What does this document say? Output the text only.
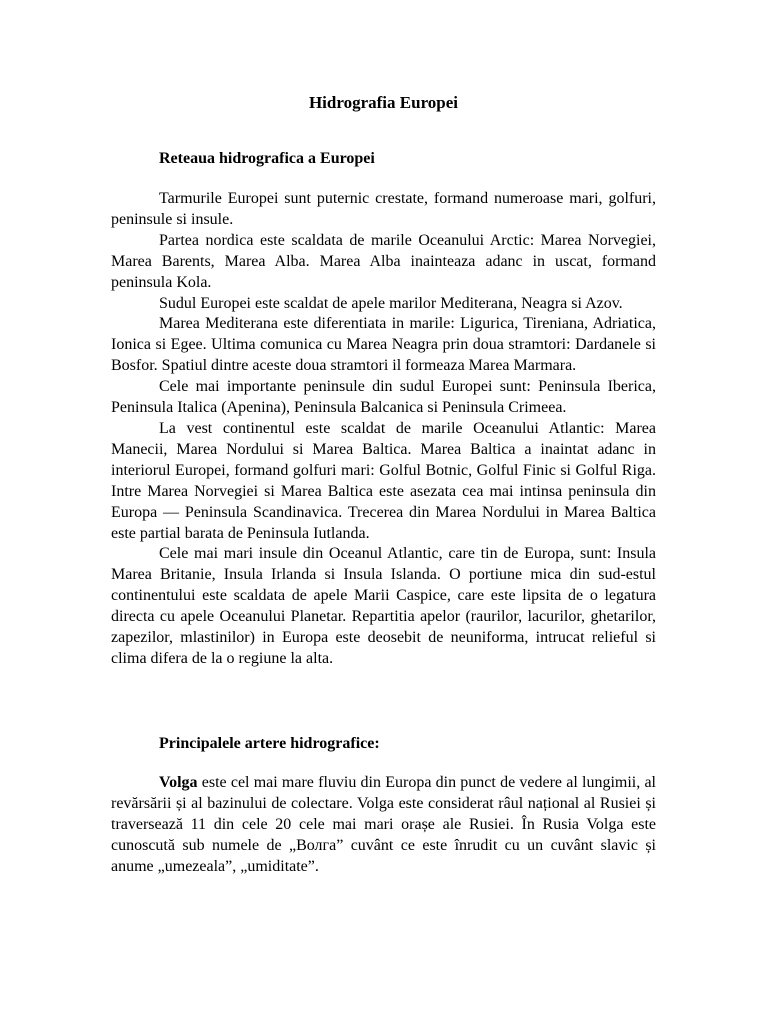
Hidrografia Europei
Reteaua hidrografica a Europei

Tarmurile Europei sunt puternic crestate, formand numeroase mari, golfuri, peninsule si insule.

Partea nordica este scaldata de marile Oceanului Arctic: Marea Norvegiei, Marea Barents, Marea Alba. Marea Alba inainteaza adanc in uscat, formand peninsula Kola.

Sudul Europei este scaldat de apele marilor Mediterana, Neagra si Azov.

Marea Mediterana este diferentiata in marile: Ligurica, Tireniana, Adriatica, Ionica si Egee. Ultima comunica cu Marea Neagra prin doua stramtori: Dardanele si Bosfor. Spatiul dintre aceste doua stramtori il formeaza Marea Marmara.

Cele mai importante peninsule din sudul Europei sunt: Peninsula Iberica, Peninsula Italica (Apenina), Peninsula Balcanica si Peninsula Crimeea.

La vest continentul este scaldat de marile Oceanului Atlantic: Marea Manecii, Marea Nordului si Marea Baltica. Marea Baltica a inaintat adanc in interiorul Europei, formand golfuri mari: Golful Botnic, Golful Finic si Golful Riga. Intre Marea Norvegiei si Marea Baltica este asezata cea mai intinsa peninsula din Europa — Peninsula Scandinavica. Trecerea din Marea Nordului in Marea Baltica este partial barata de Peninsula Iutlanda.

Cele mai mari insule din Oceanul Atlantic, care tin de Europa, sunt: Insula Marea Britanie, Insula Irlanda si Insula Islanda. O portiune mica din sud-estul continentului este scaldata de apele Marii Caspice, care este lipsita de o legatura directa cu apele Oceanului Planetar. Repartitia apelor (raurilor, lacurilor, ghetarilor, zapezilor, mlastinilor) in Europa este deosebit de neuniforma, intrucat relieful si clima difera de la o regiune la alta.

Principalele artere hidrografice:

Volga este cel mai mare fluviu din Europa din punct de vedere al lungimii, al revărsării și al bazinului de colectare. Volga este considerat râul național al Rusiei și traversează 11 din cele 20 cele mai mari orașe ale Rusiei. În Rusia Volga este cunoscută sub numele de „Волга” cuvânt ce este înrudit cu un cuvânt slavic și anume „umezeala”, „umiditate”.
